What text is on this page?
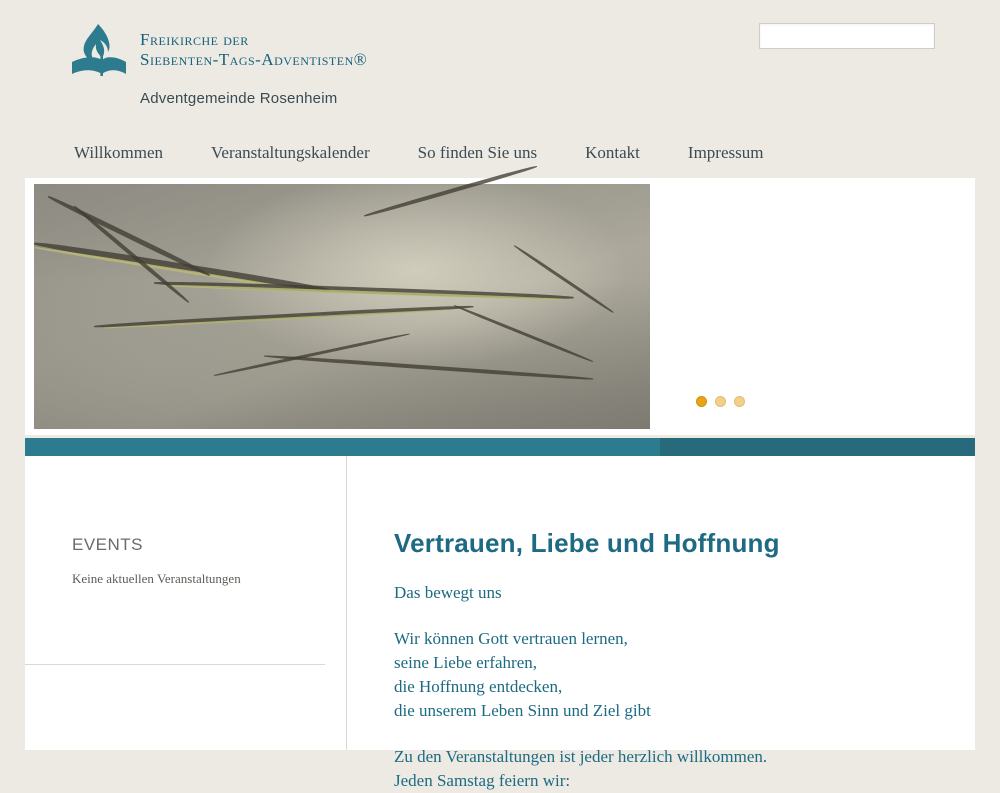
Freikirche der
Siebenten-Tags-Adventisten®
Adventgemeinde Rosenheim
Willkommen	Veranstaltungskalender	So finden Sie uns	Kontakt	Impressum
EVENTS
Keine aktuellen Veranstaltungen
Vertrauen, Liebe und Hoffnung

Das bewegt uns

Wir können Gott vertrauen lernen,
seine Liebe erfahren,
die Hoffnung entdecken,
die unserem Leben Sinn und Ziel gibt

Zu den Veranstaltungen ist jeder herzlich willkommen.
Jeden Samstag feiern wir:
